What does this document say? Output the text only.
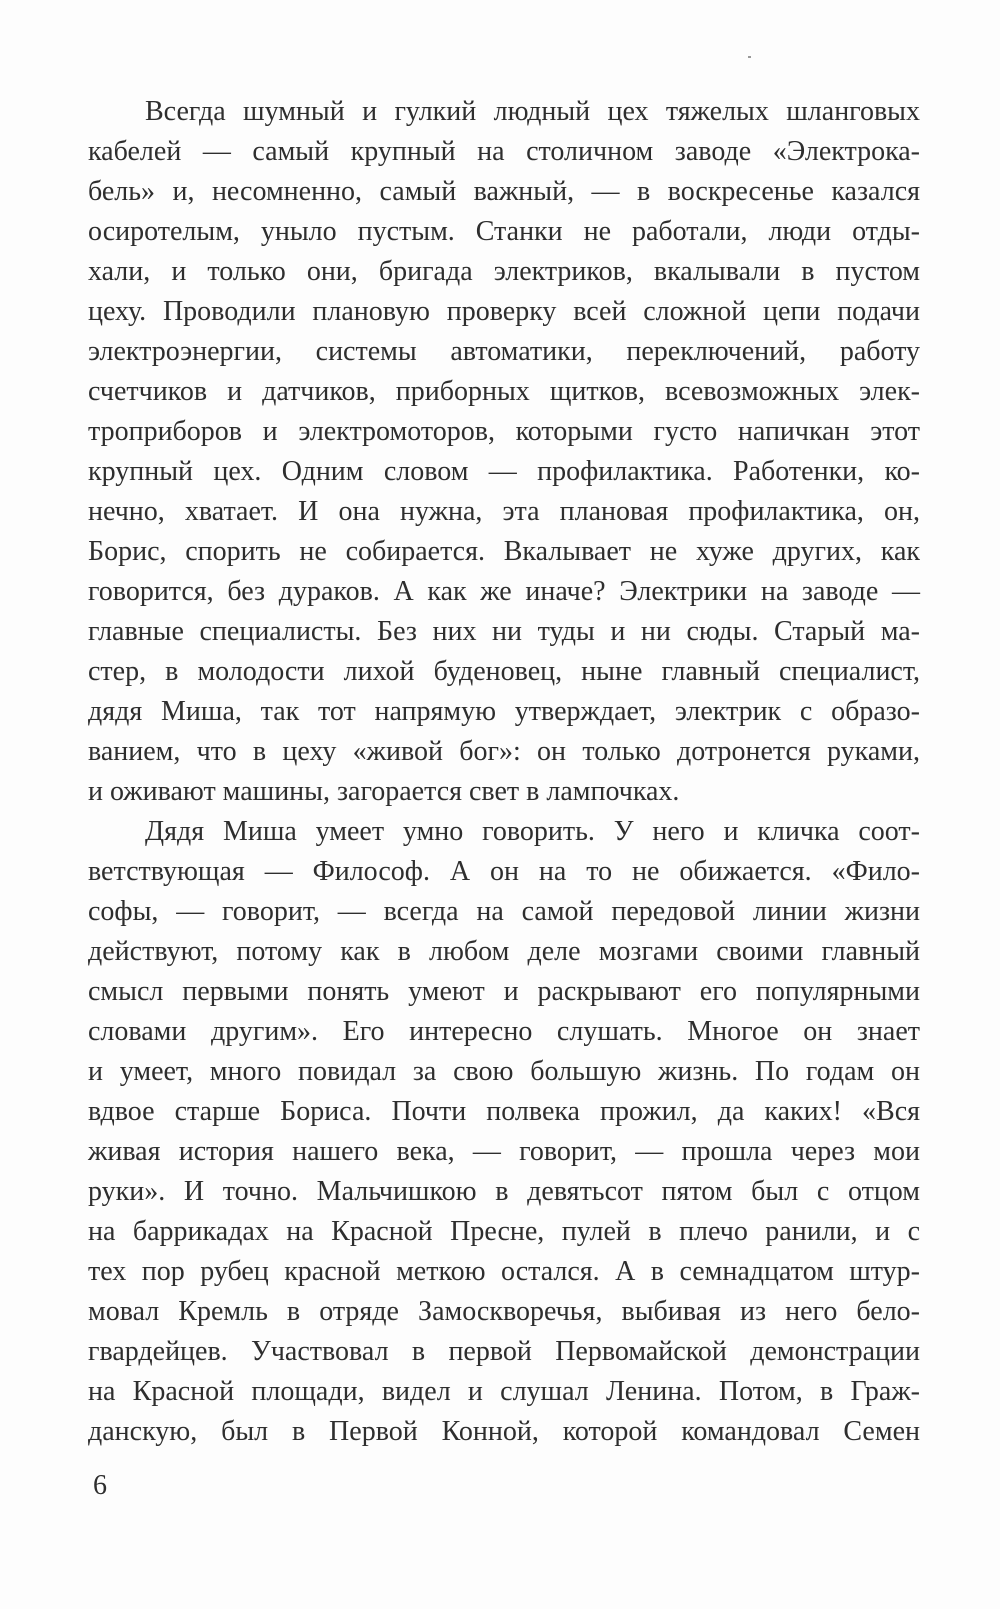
Всегда шумный и гулкий людный цех тяжелых шланговых
кабелей — самый крупный на столичном заводе «Электрока-
бель» и, несомненно, самый важный, — в воскресенье казался
осиротелым, уныло пустым. Станки не работали, люди отды-
хали, и только они, бригада электриков, вкалывали в пустом
цеху. Проводили плановую проверку всей сложной цепи подачи
электроэнергии, системы автоматики, переключений, работу
счетчиков и датчиков, приборных щитков, всевозможных элек-
троприборов и электромоторов, которыми густо напичкан этот
крупный цех. Одним словом — профилактика. Работенки, ко-
нечно, хватает. И она нужна, эта плановая профилактика, он,
Борис, спорить не собирается. Вкалывает не хуже других, как
говорится, без дураков. А как же иначе? Электрики на заводе —
главные специалисты. Без них ни туды и ни сюды. Старый ма-
стер, в молодости лихой буденовец, ныне главный специалист,
дядя Миша, так тот напрямую утверждает, электрик с образо-
ванием, что в цеху «живой бог»: он только дотронется руками,
и оживают машины, загорается свет в лампочках.
Дядя Миша умеет умно говорить. У него и кличка соот-
ветствующая — Философ. А он на то не обижается. «Фило-
софы, — говорит, — всегда на самой передовой линии жизни
действуют, потому как в любом деле мозгами своими главный
смысл первыми понять умеют и раскрывают его популярными
словами другим». Его интересно слушать. Многое он знает
и умеет, много повидал за свою большую жизнь. По годам он
вдвое старше Бориса. Почти полвека прожил, да каких! «Вся
живая история нашего века, — говорит, — прошла через мои
руки». И точно. Мальчишкою в девятьсот пятом был с отцом
на баррикадах на Красной Пресне, пулей в плечо ранили, и с
тех пор рубец красной меткою остался. А в семнадцатом штур-
мовал Кремль в отряде Замоскворечья, выбивая из него бело-
гвардейцев. Участвовал в первой Первомайской демонстрации
на Красной площади, видел и слушал Ленина. Потом, в Граж-
данскую, был в Первой Конной, которой командовал Семен
6
